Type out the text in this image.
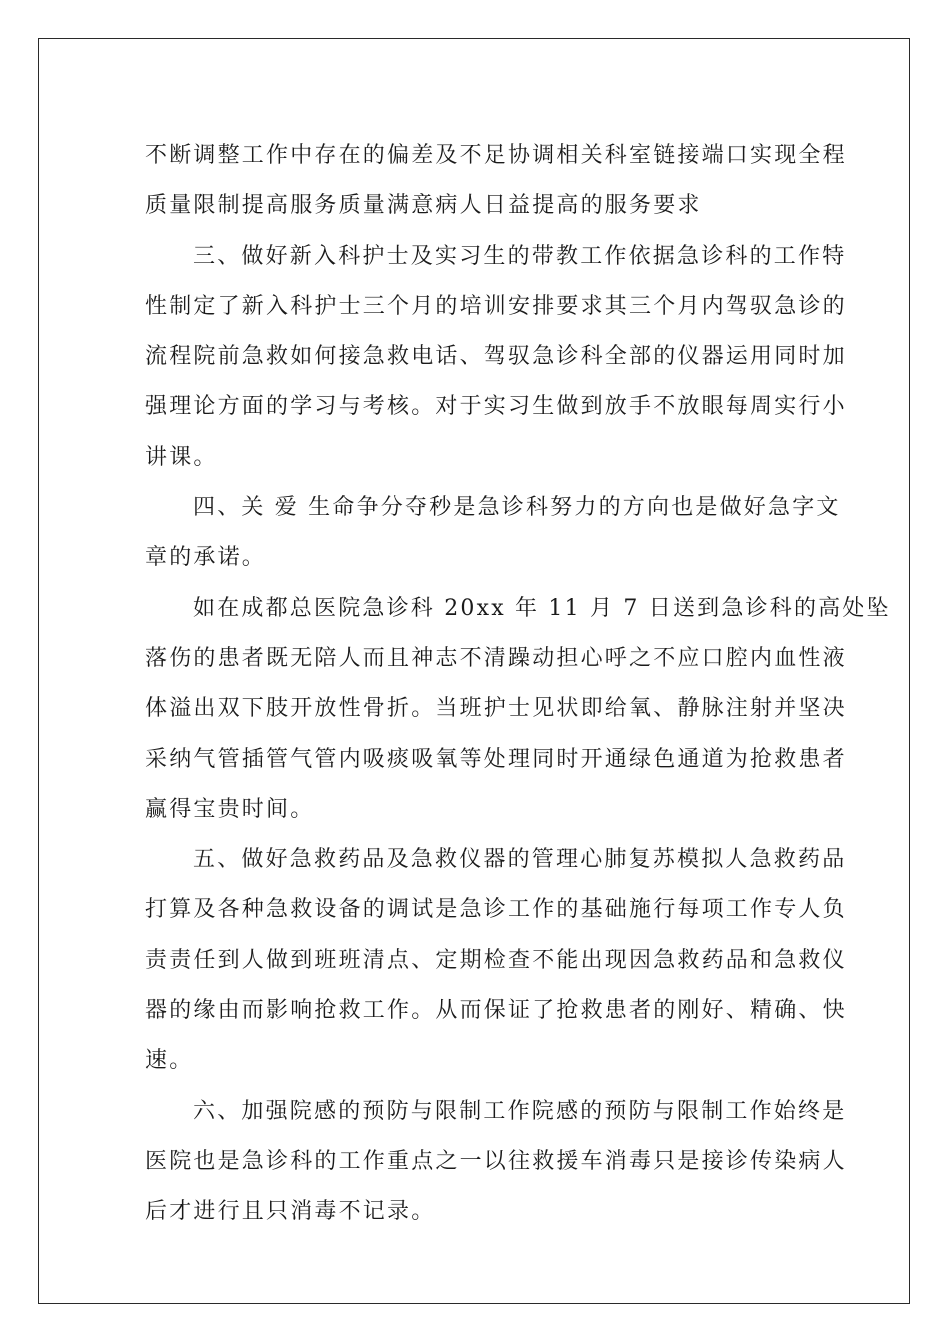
不断调整工作中存在的偏差及不足协调相关科室链接端口实现全程
质量限制提高服务质量满意病人日益提高的服务要求
三、做好新入科护士及实习生的带教工作依据急诊科的工作特
性制定了新入科护士三个月的培训安排要求其三个月内驾驭急诊的
流程院前急救如何接急救电话、驾驭急诊科全部的仪器运用同时加
强理论方面的学习与考核。对于实习生做到放手不放眼每周实行小
讲课。
四、关 爱 生命争分夺秒是急诊科努力的方向也是做好急字文
章的承诺。
如在成都总医院急诊科 20xx 年 11 月 7 日送到急诊科的高处坠
落伤的患者既无陪人而且神志不清躁动担心呼之不应口腔内血性液
体溢出双下肢开放性骨折。当班护士见状即给氧、静脉注射并坚决
采纳气管插管气管内吸痰吸氧等处理同时开通绿色通道为抢救患者
赢得宝贵时间。
五、做好急救药品及急救仪器的管理心肺复苏模拟人急救药品
打算及各种急救设备的调试是急诊工作的基础施行每项工作专人负
责责任到人做到班班清点、定期检查不能出现因急救药品和急救仪
器的缘由而影响抢救工作。从而保证了抢救患者的刚好、精确、快
速。
六、加强院感的预防与限制工作院感的预防与限制工作始终是
医院也是急诊科的工作重点之一以往救援车消毒只是接诊传染病人
后才进行且只消毒不记录。
